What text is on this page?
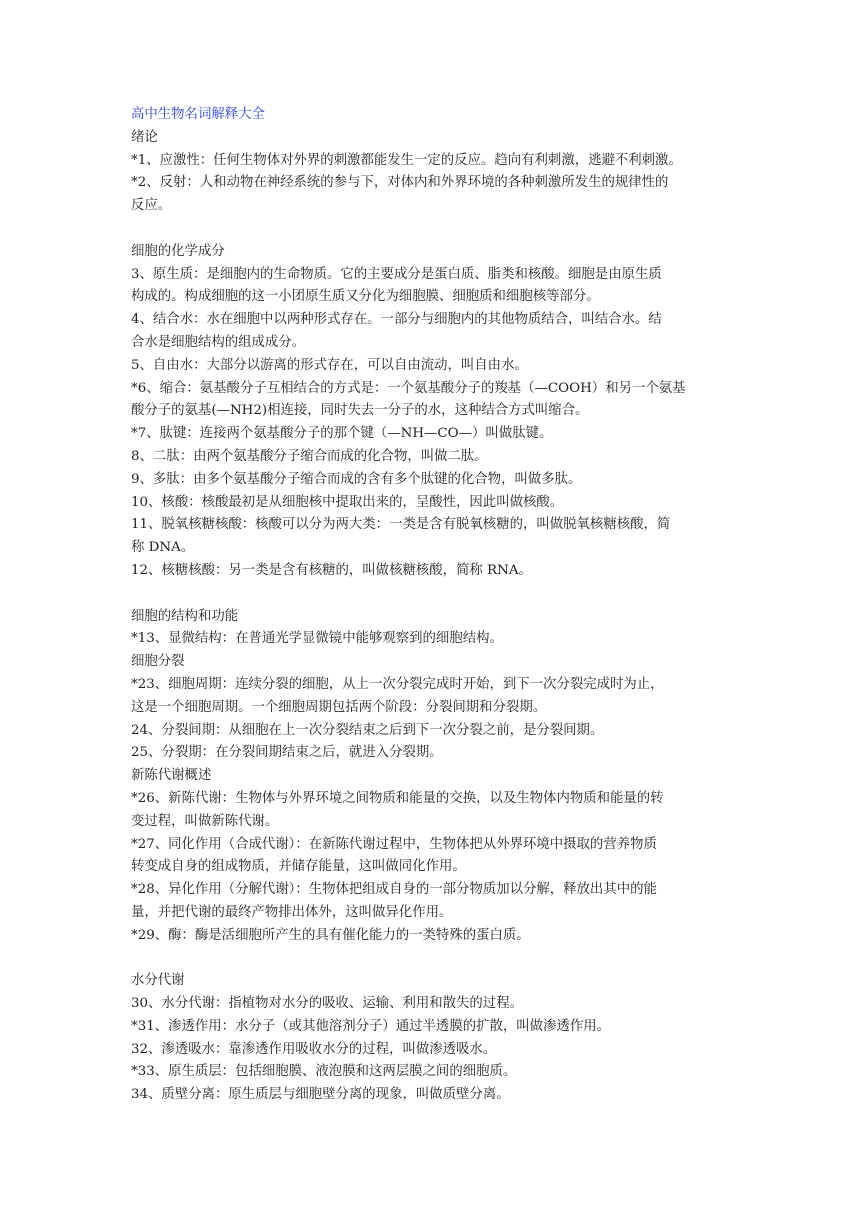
高中生物名词解释大全
绪论
*1、应激性：任何生物体对外界的刺激都能发生一定的反应。趋向有利刺激，逃避不利刺激。
*2、反射：人和动物在神经系统的参与下，对体内和外界环境的各种刺激所发生的规律性的
反应。
细胞的化学成分
3、原生质：是细胞内的生命物质。它的主要成分是蛋白质、脂类和核酸。细胞是由原生质
构成的。构成细胞的这一小团原生质又分化为细胞膜、细胞质和细胞核等部分。
4、结合水：水在细胞中以两种形式存在。一部分与细胞内的其他物质结合，叫结合水。结
合水是细胞结构的组成成分。
5、自由水：大部分以游离的形式存在，可以自由流动，叫自由水。
*6、缩合：氨基酸分子互相结合的方式是：一个氨基酸分子的羧基（—COOH）和另一个氨基
酸分子的氨基(—NH2)相连接，同时失去一分子的水，这种结合方式叫缩合。
*7、肽键：连接两个氨基酸分子的那个键（—NH—CO—）叫做肽键。
8、二肽：由两个氨基酸分子缩合而成的化合物，叫做二肽。
9、多肽：由多个氨基酸分子缩合而成的含有多个肽键的化合物，叫做多肽。
10、核酸：核酸最初是从细胞核中提取出来的，呈酸性，因此叫做核酸。
11、脱氧核糖核酸：核酸可以分为两大类：一类是含有脱氧核糖的，叫做脱氧核糖核酸，简
称 DNA。
12、核糖核酸：另一类是含有核糖的，叫做核糖核酸，简称 RNA。
细胞的结构和功能
*13、显微结构：在普通光学显微镜中能够观察到的细胞结构。
细胞分裂
*23、细胞周期：连续分裂的细胞，从上一次分裂完成时开始，到下一次分裂完成时为止，
这是一个细胞周期。一个细胞周期包括两个阶段：分裂间期和分裂期。
24、分裂间期：从细胞在上一次分裂结束之后到下一次分裂之前，是分裂间期。
25、分裂期：在分裂间期结束之后，就进入分裂期。
新陈代谢概述
*26、新陈代谢：生物体与外界环境之间物质和能量的交换，以及生物体内物质和能量的转
变过程，叫做新陈代谢。
*27、同化作用（合成代谢）：在新陈代谢过程中，生物体把从外界环境中摄取的营养物质
转变成自身的组成物质，并储存能量，这叫做同化作用。
*28、异化作用（分解代谢）：生物体把组成自身的一部分物质加以分解，释放出其中的能
量，并把代谢的最终产物排出体外，这叫做异化作用。
*29、酶：酶是活细胞所产生的具有催化能力的一类特殊的蛋白质。
水分代谢
30、水分代谢：指植物对水分的吸收、运输、利用和散失的过程。
*31、渗透作用：水分子（或其他溶剂分子）通过半透膜的扩散，叫做渗透作用。
32、渗透吸水：靠渗透作用吸收水分的过程，叫做渗透吸水。
*33、原生质层：包括细胞膜、液泡膜和这两层膜之间的细胞质。
34、质壁分离：原生质层与细胞壁分离的现象，叫做质壁分离。
